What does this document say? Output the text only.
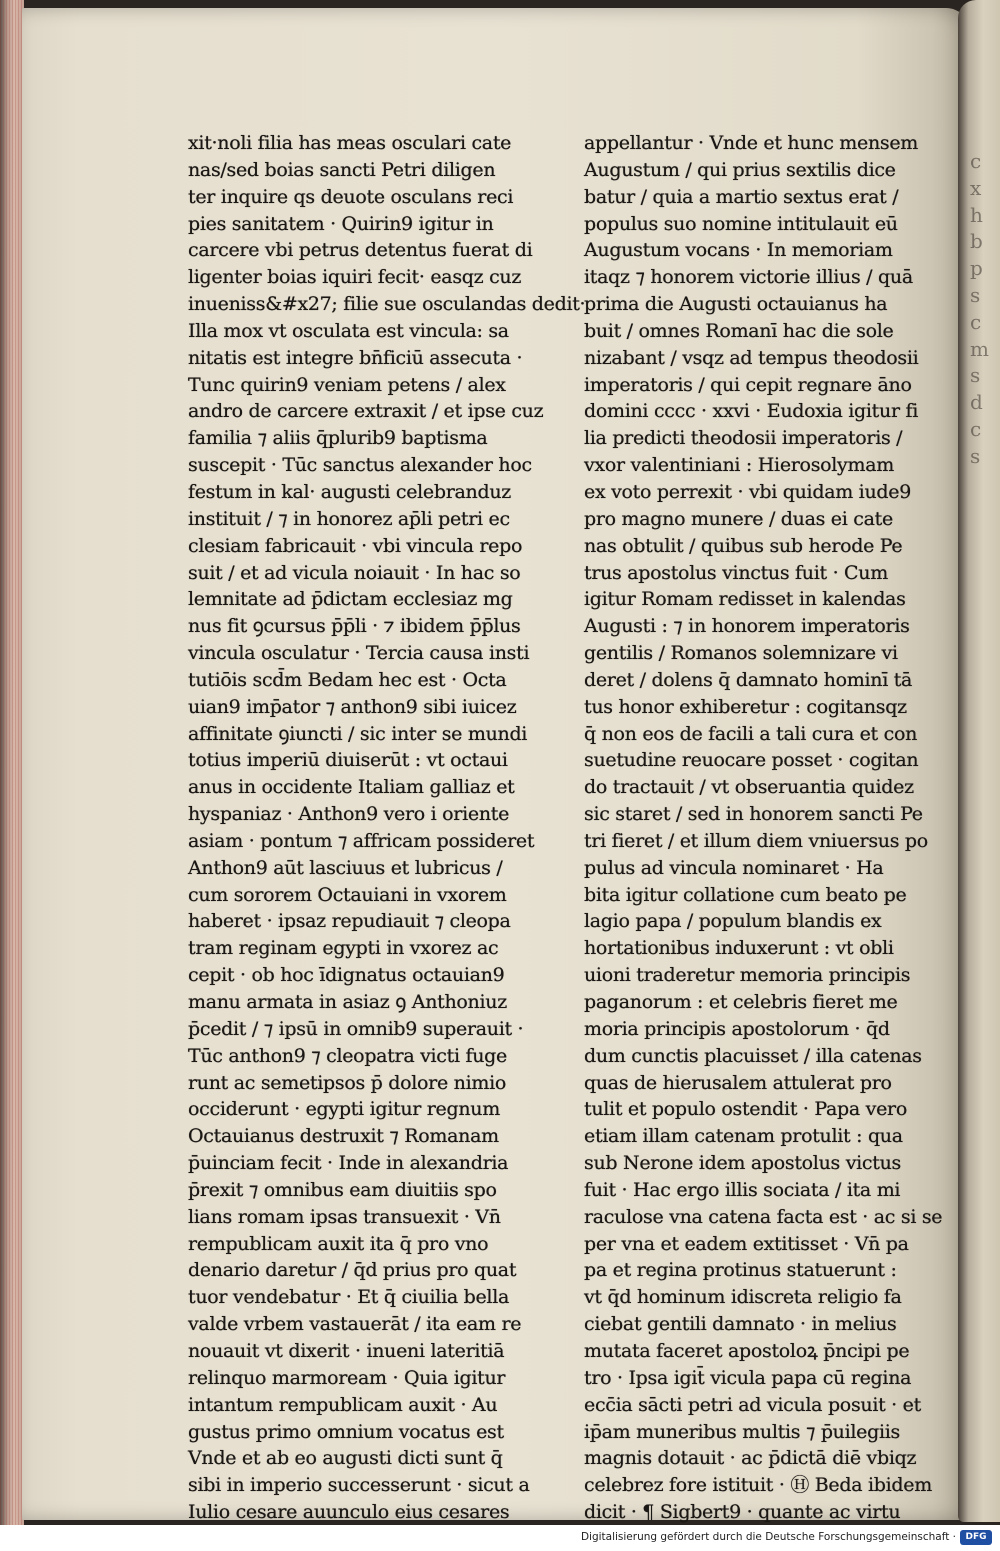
c
x
h
b
p
s
c
m
s
d
c
s
xit·noli filia has meas osculari cate
nas/sed boias sancti Petri diligen
ter inquire qs deuote osculans reci
pies sanitatem · Quirin9 igitur in
carcere vbi petrus detentus fuerat di
ligenter boias iquiri fecit· easqz cuz
inueniss&#x27; filie sue osculandas dedit·
Illa mox vt osculata est vincula: sa
nitatis est integre bn̄ficiū assecuta ·
Tunc quirin9 veniam petens / alex
andro de carcere extraxit / et ipse cuz
familia ⁊ aliis q̄plurib9 baptisma
suscepit · Tūc sanctus alexander hoc
festum in kal· augusti celebranduz
instituit / ⁊ in honorez ap̄li petri ec
clesiam fabricauit · vbi vincula repo
suit / et ad vicula noiauit · In hac so
lemnitate ad p̄dictam ecclesiaz mg
nus fit ꝯcursus p̄p̄li · ⁊ ibidem p̄p̄lus
vincula osculatur · Tercia causa insti
tutiōis scd̄m Bedam hec est · Octa
uian9 imp̄ator ⁊ anthon9 sibi iuicez
affinitate ꝯiuncti / sic inter se mundi
totius imperiū diuiserūt : vt octaui
anus in occidente Italiam galliaz et
hyspaniaz · Anthon9 vero i oriente
asiam · pontum ⁊ affricam possideret
Anthon9 aūt lasciuus et lubricus /
cum sororem Octauiani in vxorem
haberet · ipsaz repudiauit ⁊ cleopa
tram reginam egypti in vxorez ac
cepit · ob hoc īdignatus octauian9
manu armata in asiaz ꝯ Anthoniuz
p̄cedit / ⁊ ipsū in omnib9 superauit ·
Tūc anthon9 ⁊ cleopatra victi fuge
runt ac semetipsos p̄ dolore nimio
occiderunt · egypti igitur regnum
Octauianus destruxit ⁊ Romanam
p̄uinciam fecit · Inde in alexandria
p̄rexit ⁊ omnibus eam diuitiis spo
lians romam ipsas transuexit · Vn̄
rempublicam auxit ita q̄ pro vno
denario daretur / q̄d prius pro quat
tuor vendebatur · Et q̄ ciuilia bella
valde vrbem vastauerāt / ita eam re
nouauit vt dixerit · inueni lateritiā
relinquo marmoream · Quia igitur
intantum rempublicam auxit · Au
gustus primo omnium vocatus est
Vnde et ab eo augusti dicti sunt q̄
sibi in imperio successerunt · sicut a
Iulio cesare auunculo eius cesares
appellantur · Vnde et hunc mensem
Augustum / qui prius sextilis dice
batur / quia a martio sextus erat /
populus suo nomine intitulauit eū
Augustum vocans · In memoriam
itaqz ⁊ honorem victorie illius / quā
prima die Augusti octauianus ha
buit / omnes Romanī hac die sole
nizabant / vsqz ad tempus theodosii
imperatoris / qui cepit regnare āno
domini cccc · xxvi · Eudoxia igitur fi
lia predicti theodosii imperatoris /
vxor valentiniani : Hierosolymam
ex voto perrexit · vbi quidam iude9
pro magno munere / duas ei cate
nas obtulit / quibus sub herode Pe
trus apostolus vinctus fuit · Cum
igitur Romam redisset in kalendas
Augusti : ⁊ in honorem imperatoris
gentilis / Romanos solemnizare vi
deret / dolens q̄ damnato hominī tā
tus honor exhiberetur : cogitansqz
q̄ non eos de facili a tali cura et con
suetudine reuocare posset · cogitan
do tractauit / vt obseruantia quidez
sic staret / sed in honorem sancti Pe
tri fieret / et illum diem vniuersus po
pulus ad vincula nominaret · Ha
bita igitur collatione cum beato pe
lagio papa / populum blandis ex
hortationibus induxerunt : vt obli
uioni traderetur memoria principis
paganorum : et celebris fieret me
moria principis apostolorum · q̄d
dum cunctis placuisset / illa catenas
quas de hierusalem attulerat pro
tulit et populo ostendit · Papa vero
etiam illam catenam protulit : qua
sub Nerone idem apostolus victus
fuit · Hac ergo illis sociata / ita mi
raculose vna catena facta est · ac si se
per vna et eadem extitisset · Vn̄ pa
pa et regina protinus statuerunt :
vt q̄d hominum idiscreta religio fa
ciebat gentili damnato · in melius
mutata faceret apostoloꝝ p̄ncipi pe
tro · Ipsa igit̄ vicula papa cū regina
ecc̄ia sācti petri ad vicula posuit · et
ip̄am muneribus multis ⁊ p̄uilegiis
magnis dotauit · ac p̄dictā diē vbiqz
celebrez fore istituit · Ⓗ Beda ibidem
dicit · ¶ Sigbert9 · quante ac virtu
Digitalisierung gefördert durch die Deutsche Forschungsgemeinschaft ·	DFG
